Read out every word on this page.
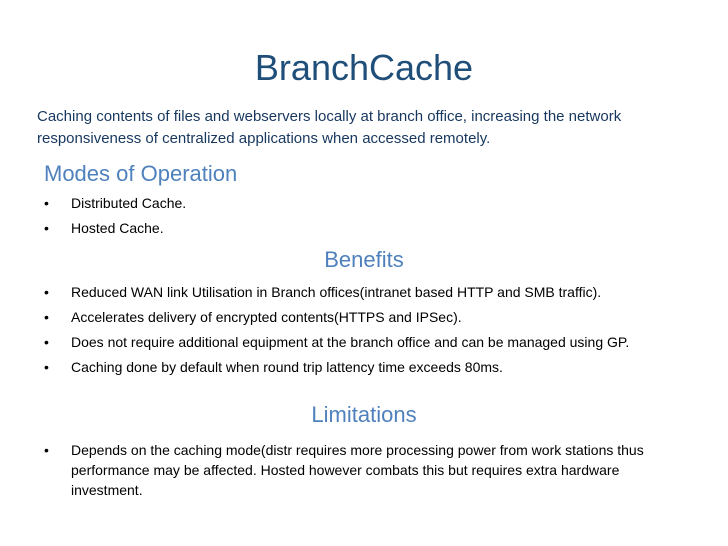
BranchCache
Caching contents of files and webservers locally at branch office, increasing the network responsiveness of centralized applications when accessed remotely.
Modes of Operation
• Distributed Cache.
• Hosted Cache.
Benefits
• Reduced WAN link Utilisation in Branch offices(intranet based HTTP and SMB traffic).
• Accelerates delivery of encrypted contents(HTTPS and IPSec).
• Does not require additional equipment at the branch office and can be managed using GP.
• Caching done by default when round trip lattency time exceeds 80ms.
Limitations
• Depends on the caching mode(distr requires more processing power from work stations thus performance may be affected. Hosted however combats this but requires extra hardware investment.
